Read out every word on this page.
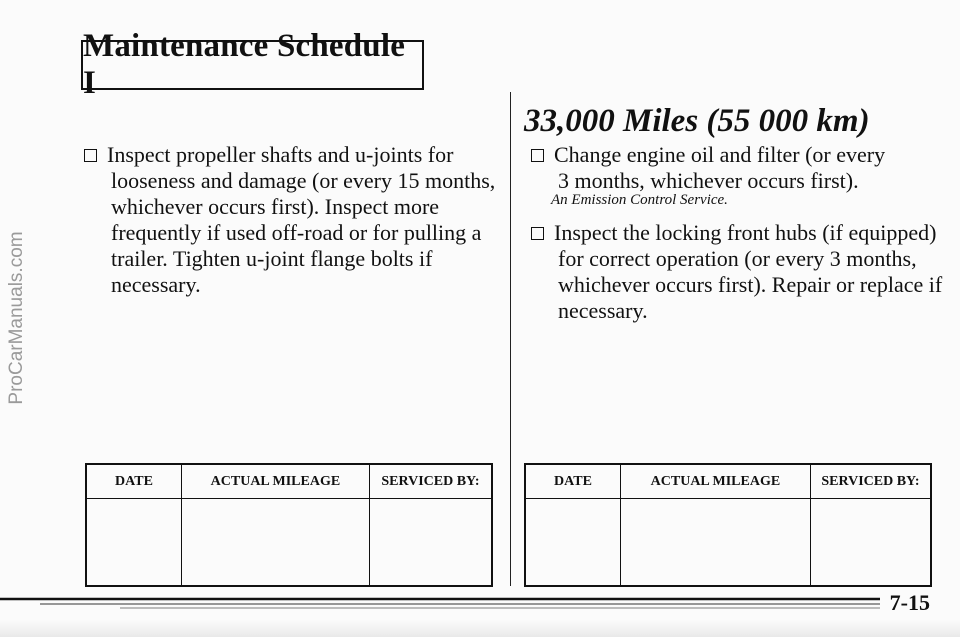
ProCarManuals.com
Maintenance Schedule I
Inspect propeller shafts and u-joints for
looseness and damage (or every 15 months,
whichever occurs first). Inspect more
frequently if used off-road or for pulling a
trailer. Tighten u-joint flange bolts if
necessary.
33,000 Miles (55 000 km)
Change engine oil and filter (or every
3 months, whichever occurs first).
An Emission Control Service.
Inspect the locking front hubs (if equipped)
for correct operation (or every 3 months,
whichever occurs first). Repair or replace if
necessary.
DATE	ACTUAL MILEAGE	SERVICED BY:
			DATE	ACTUAL MILEAGE	SERVICED BY:

7-15
